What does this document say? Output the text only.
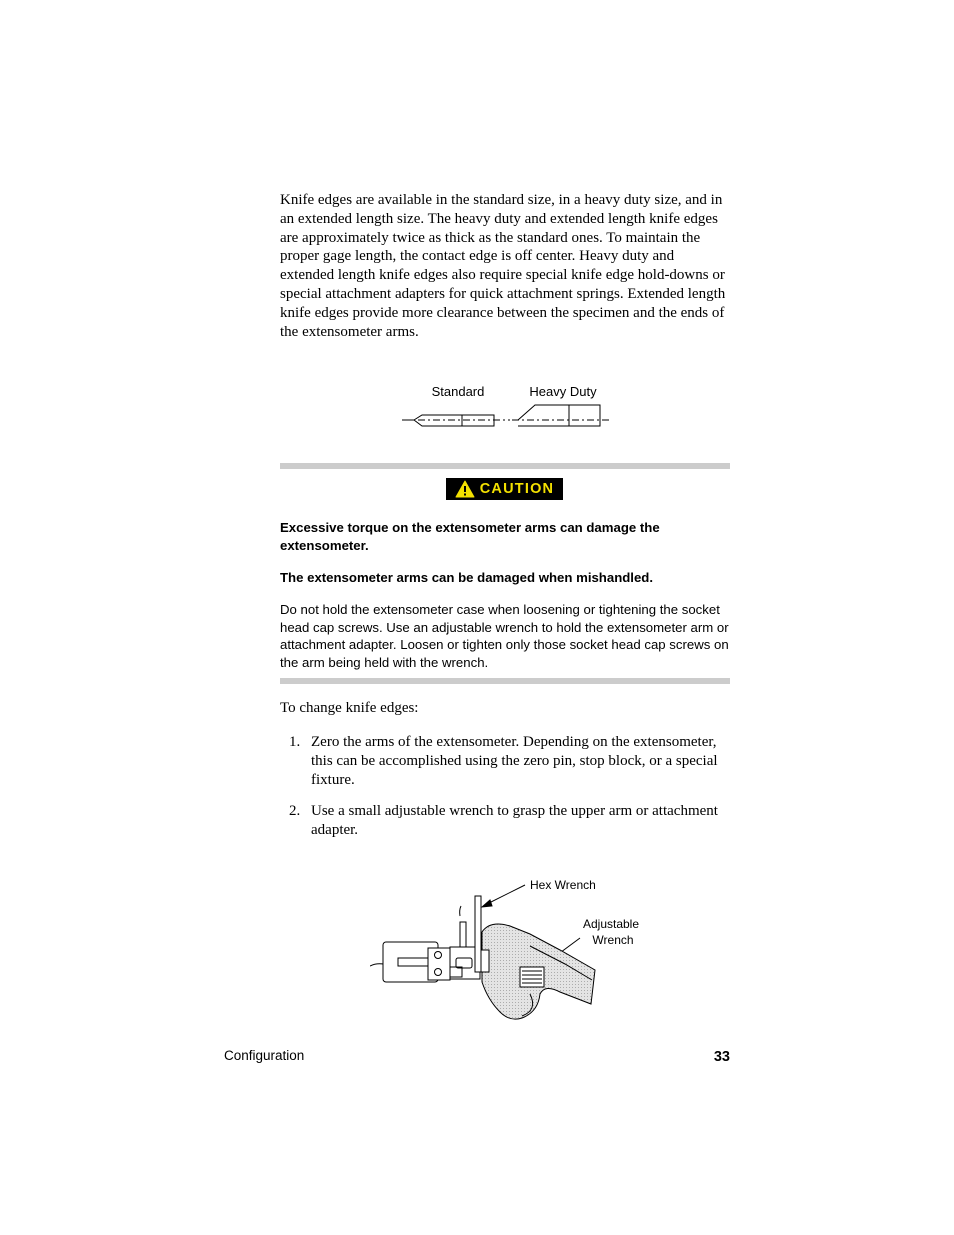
Knife edges are available in the standard size, in a heavy duty size, and in an extended length size. The heavy duty and extended length knife edges are approximately twice as thick as the standard ones. To maintain the proper gage length, the contact edge is off center. Heavy duty and extended length knife edges also require special knife edge hold-downs or special attachment adapters for quick attachment springs. Extended length knife edges provide more clearance between the specimen and the ends of the extensometer arms.

Standard	Heavy Duty
CAUTION

Excessive torque on the extensometer arms can damage the extensometer.

The extensometer arms can be damaged when mishandled.

Do not hold the extensometer case when loosening or tightening the socket head cap screws. Use an adjustable wrench to hold the extensometer arm or attachment adapter. Loosen or tighten only those socket head cap screws on the arm being held with the wrench.

To change knife edges:

1. Zero the arms of the extensometer. Depending on the extensometer, this can be accomplished using the zero pin, stop block, or a special fixture.
2. Use a small adjustable wrench to grasp the upper arm or attachment adapter.
Hex Wrench
Adjustable
Wrench
Configuration	33
